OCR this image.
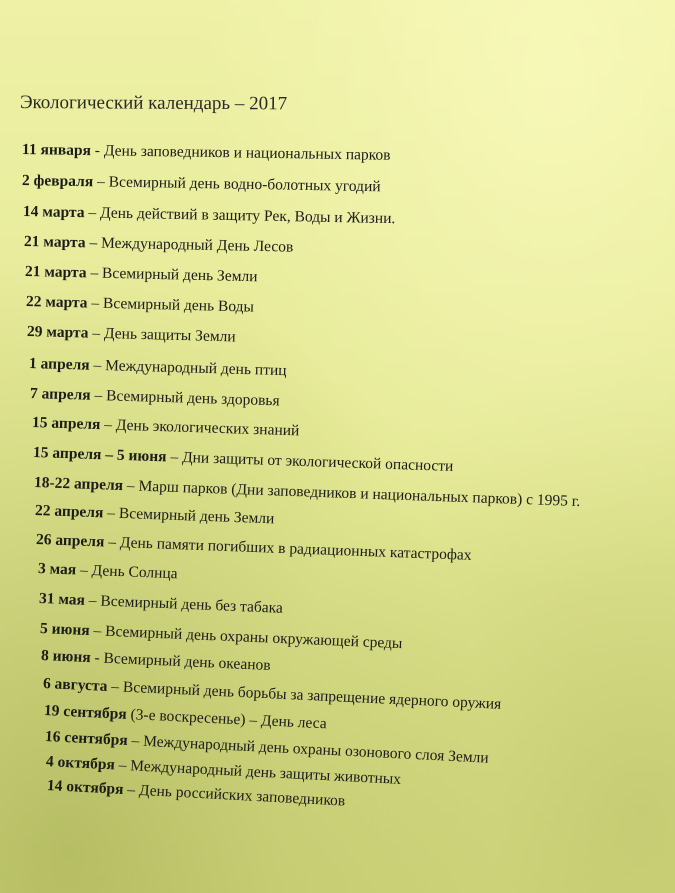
Экологический календарь – 2017
11 января - День заповедников и национальных парков
2 февраля – Всемирный день водно-болотных угодий
14 марта – День действий в защиту Рек, Воды и Жизни.
21 марта – Международный День Лесов
21 марта – Всемирный день Земли
22 марта – Всемирный день Воды
29 марта – День защиты Земли
1 апреля – Международный день птиц
7 апреля – Всемирный день здоровья
15 апреля – День экологических знаний
15 апреля – 5 июня – Дни защиты от экологической опасности
18-22 апреля – Марш парков (Дни заповедников и национальных парков) с 1995 г.
22 апреля – Всемирный день Земли
26 апреля – День памяти погибших в радиационных катастрофах
3 мая – День Солнца
31 мая – Всемирный день без табака
5 июня – Всемирный день охраны окружающей среды
8 июня - Всемирный день океанов
6 августа – Всемирный день борьбы за запрещение ядерного оружия
19 сентября (3-е воскресенье) – День леса
16 сентября – Международный день охраны озонового слоя Земли
4 октября – Международный день защиты животных
14 октября – День российских заповедников
